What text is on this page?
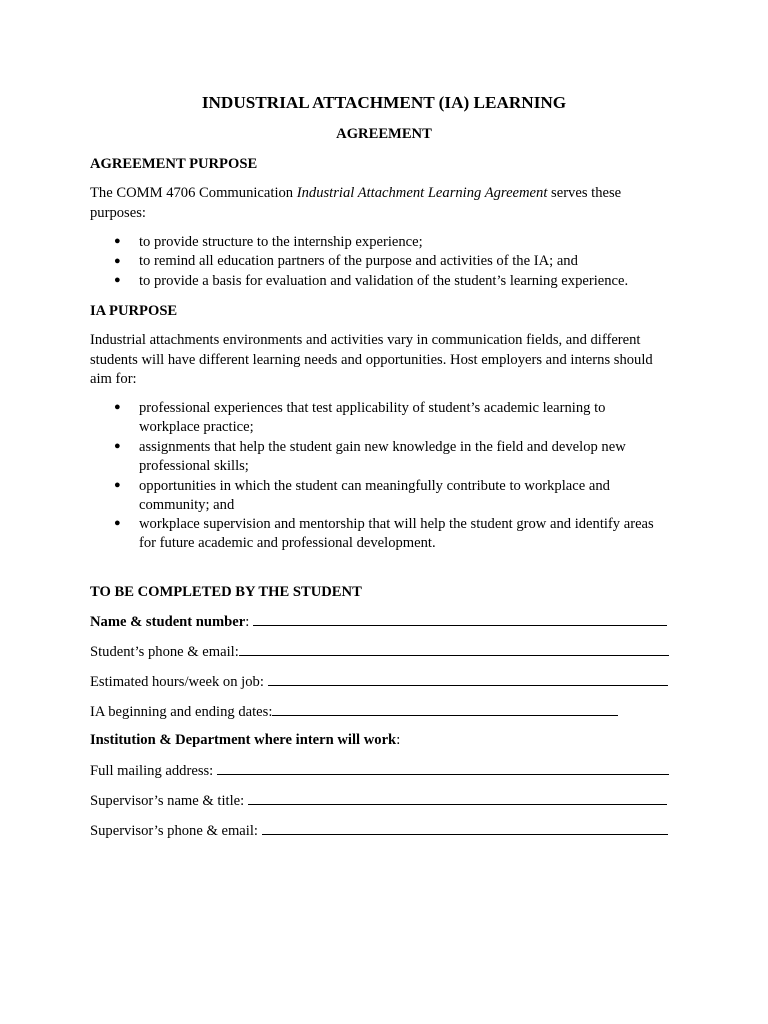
INDUSTRIAL ATTACHMENT (IA) LEARNING
AGREEMENT
AGREEMENT PURPOSE
The COMM 4706 Communication Industrial Attachment Learning Agreement serves these
purposes:
● to provide structure to the internship experience;
● to remind all education partners of the purpose and activities of the IA; and
● to provide a basis for evaluation and validation of the student’s learning experience.
IA PURPOSE
Industrial attachments environments and activities vary in communication fields, and different
students will have different learning needs and opportunities. Host employers and interns should
aim for:
● professional experiences that test applicability of student’s academic learning to
workplace practice;
● assignments that help the student gain new knowledge in the field and develop new
professional skills;
● opportunities in which the student can meaningfully contribute to workplace and
community; and
● workplace supervision and mentorship that will help the student grow and identify areas
for future academic and professional development.
TO BE COMPLETED BY THE STUDENT
Name & student number:
Student’s phone & email:
Estimated hours/week on job:
IA beginning and ending dates:
Institution & Department where intern will work:
Full mailing address:
Supervisor’s name & title:
Supervisor’s phone & email:
